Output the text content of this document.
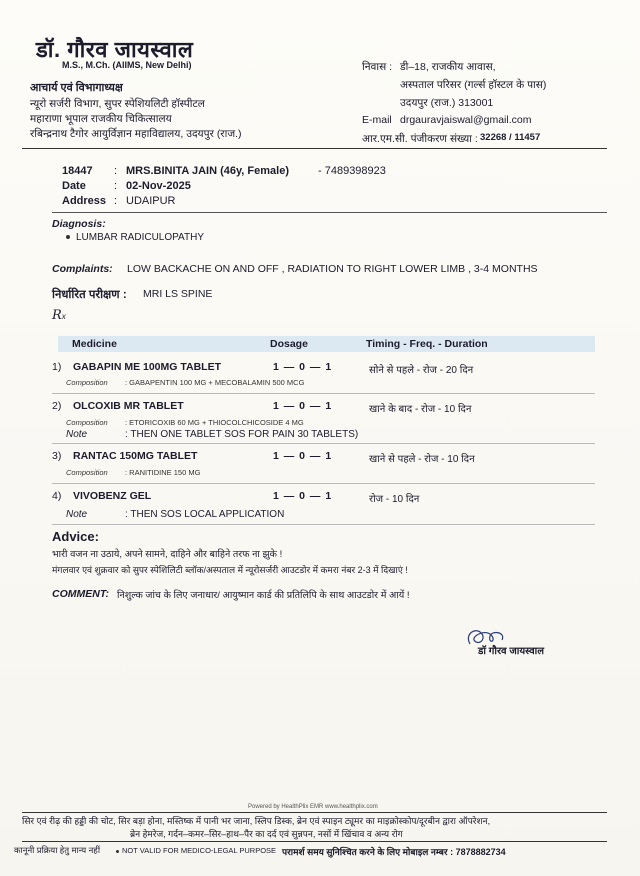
डॉ. गौरव जायस्वाल
M.S., M.Ch. (AIIMS, New Delhi)
आचार्य एवं विभागाध्यक्ष
न्यूरो सर्जरी विभाग, सुपर स्पेशियलिटी हॉस्पीटल
महाराणा भूपाल राजकीय चिकित्सालय
रबिन्द्रनाथ टैगोर आयुर्विज्ञान महाविद्यालय, उदयपुर (राज.)
निवास : डी–18, राजकीय आवास,
अस्पताल परिसर (गर्ल्स हॉस्टल के पास)
उदयपुर (राज.) 313001
E-mail drgauravjaiswal@gmail.com
आर.एम.सी. पंजीकरण संख्या : 32268 / 11457
18447 : MRS.BINITA JAIN (46y, Female)	- 7489398923
Date	: 02-Nov-2025
Address : UDAIPUR
Diagnosis:
LUMBAR RADICULOPATHY
Complaints: LOW BACKACHE ON AND OFF , RADIATION TO RIGHT LOWER LIMB , 3-4 MONTHS
निर्धारित परीक्षण : MRI LS SPINE
Rx
Medicine	Dosage	Timing - Freq. - Duration
1) GABAPIN ME 100MG TABLET	1 — 0 — 1	सोने से पहले - रोज - 20 दिन
Composition : GABAPENTIN 100 MG + MECOBALAMIN 500 MCG
2) OLCOXIB MR TABLET	1 — 0 — 1	खाने के बाद - रोज - 10 दिन
Composition : ETORICOXIB 60 MG + THIOCOLCHICOSIDE 4 MG
Note	: THEN ONE TABLET SOS FOR PAIN 30 TABLETS)
3) RANTAC 150MG TABLET	1 — 0 — 1	खाने से पहले - रोज - 10 दिन
Composition : RANITIDINE 150 MG
4) VIVOBENZ GEL	1 — 0 — 1	रोज - 10 दिन
Note	: THEN SOS LOCAL APPLICATION
Advice:
भारी वजन ना उठाये, अपने सामने, दाहिने और बाहिने तरफ ना झुके !
मंगलवार एवं शुक्रवार को सुपर स्पेशिलिटी ब्लॉक/अस्पताल में न्यूरोसर्जरी आउटडोर में कमरा नंबर 2-3 में दिखाएं !
COMMENT: निशुल्क जांच के लिए जनाधार/ आयुष्मान कार्ड की प्रतिलिपि के साथ आउटडोर में आयें !
डॉ गौरव जायस्वाल
Powered by HealthPlix EMR www.healthplix.com
सिर एवं रीढ़ की हड्डी की चोट, सिर बड़ा होना, मस्तिष्क में पानी भर जाना, स्लिप डिस्क, ब्रेन एवं स्पाइन ट्यूमर का माइक्रोस्कोप/दूरबीन द्वारा ऑपरेशन,
ब्रेन हेमरेज, गर्दन–कमर–सिर–हाथ–पैर का दर्द एवं सुन्नपन, नसों में खिंचाव व अन्य रोग
कानूनी प्रक्रिया हेतु मान्य नहीं	NOT VALID FOR MEDICO-LEGAL PURPOSE परामर्श समय सुनिश्चित करने के लिए मोबाइल नम्बर : 7878882734
